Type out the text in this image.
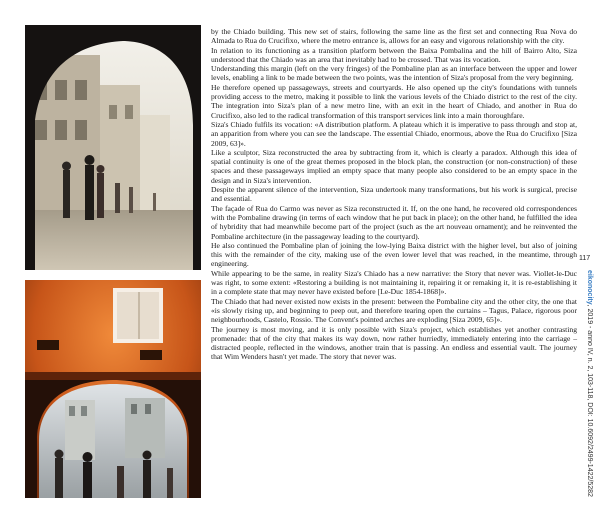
by the Chiado building. This new set of stairs, following the same line as the first set and connecting Rua Nova do Almada to Rua do Crucifixo, where the metro entrance is, allows for an easy and vigorous relationship with the city.

In relation to its functioning as a transition platform between the Baixa Pombalina and the hill of Bairro Alto, Siza understood that the Chiado was an area that inevitably had to be crossed. That was its vocation.

Understanding this margin (left on the very fringes) of the Pombaline plan as an interface between the upper and lower levels, enabling a link to be made between the two points, was the intention of Siza's proposal from the very beginning.

He therefore opened up passageways, streets and courtyards. He also opened up the city's foundations with tunnels providing access to the metro, making it possible to link the various levels of the Chiado district to the rest of the city. The integration into Siza's plan of a new metro line, with an exit in the heart of Chiado, and another in Rua do Crucifixo, also led to the radical transformation of this transport services link into a main thoroughfare.

Siza's Chiado fulfils its vocation: «A distribution platform. A plateau which it is imperative to pass through and stop at, an apparition from where you can see the landscape. The essential Chiado, enormous, above the Rua do Crucifixo [Siza 2009, 63]».

Like a sculptor, Siza reconstructed the area by subtracting from it, which is clearly a paradox. Although this idea of spatial continuity is one of the great themes proposed in the block plan, the construction (or non-construction) of these spaces and these passageways implied an empty space that many people also considered to be an empty space in the design and in Siza's intervention.

Despite the apparent silence of the intervention, Siza undertook many transformations, but his work is surgical, precise and essential.

The façade of Rua do Carmo was never as Siza reconstructed it. If, on the one hand, he recovered old correspondences with the Pombaline drawing (in terms of each window that he put back in place); on the other hand, he fulfilled the idea of hybridity that had meanwhile become part of the project (such as the art nouveau ornament); and he reinvented the Pombaline architecture (in the passageway leading to the courtyard).

He also continued the Pombaline plan of joining the low-lying Baixa district with the higher level, but also of joining this with the remainder of the city, making use of the even lower level that was reached, in the meantime, through engineering.

While appearing to be the same, in reality Siza's Chiado has a new narrative: the Story that never was. Viollet-le-Duc was right, to some extent: «Restoring a building is not maintaining it, repairing it or remaking it, it is re-establishing it in a complete state that may never have existed before [Le-Duc 1854-1868]».

The Chiado that had never existed now exists in the present: between the Pombaline city and the other city, the one that «is slowly rising up, and beginning to peep out, and therefore tearing open the curtains – Tagus, Palace, rigorous poor neighbourhoods, Castelo, Rossio. The Convent's pointed arches are exploding [Siza 2009, 65]».

The journey is most moving, and it is only possible with Siza's project, which establishes yet another contrasting promenade: that of the city that makes its way down, now rather hurriedly, immediately entering into the carriage – distracted people, reflected in the windows, another train that is passing. An endless and essential vault. The journey that Wim Wenders hasn't yet made. The story that never was.

117
eikonocity, 2019 - anno IV, n. 2, 103-118, DOI: 10.6092/2499-1422/5282
